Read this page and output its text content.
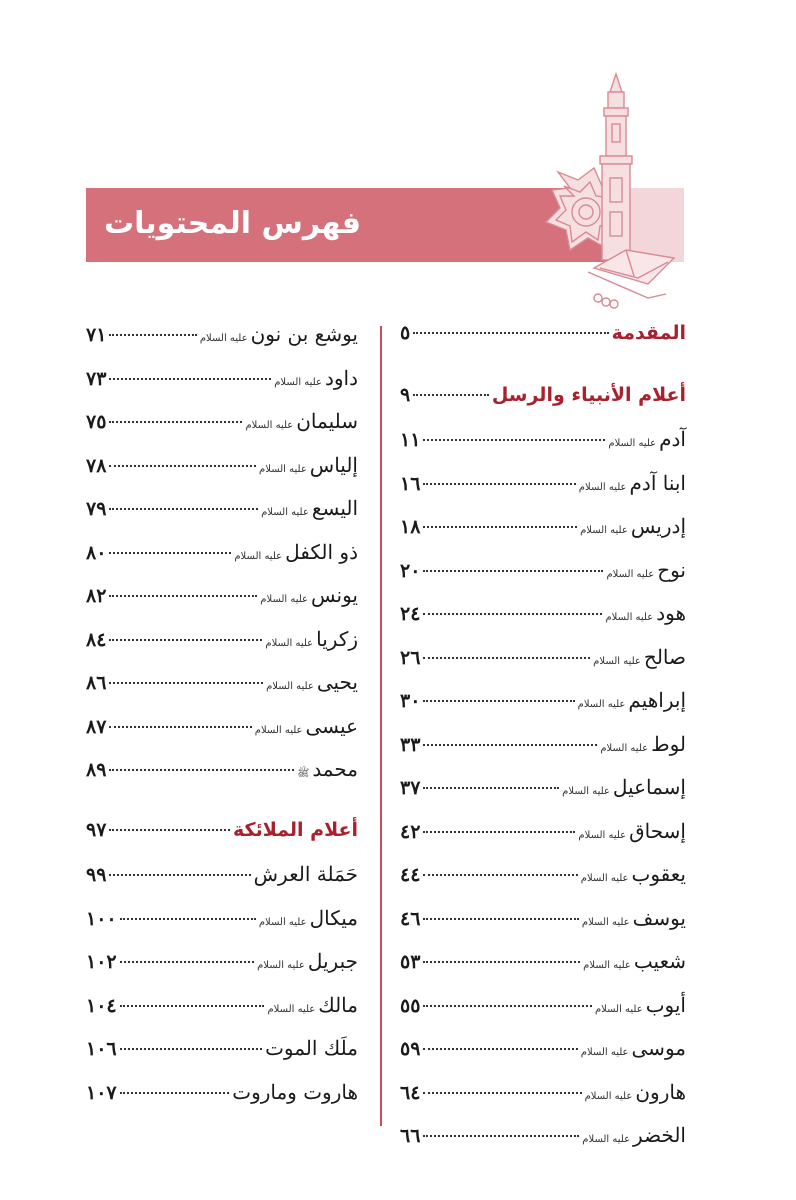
فهرس المحتويات
المقدمة
٥
أعلام الأنبياء والرسل
٩
آدم
عليه السلام
١١
ابنا آدم
عليه السلام
١٦
إدريس
عليه السلام
١٨
نوح
عليه السلام
٢٠
هود
عليه السلام
٢٤
صالح
عليه السلام
٢٦
إبراهيم
عليه السلام
٣٠
لوط
عليه السلام
٣٣
إسماعيل
عليه السلام
٣٧
إسحاق
عليه السلام
٤٢
يعقوب
عليه السلام
٤٤
يوسف
عليه السلام
٤٦
شعيب
عليه السلام
٥٣
أيوب
عليه السلام
٥٥
موسى
عليه السلام
٥٩
هارون
عليه السلام
٦٤
الخضر
عليه السلام
٦٦
يوشع بن نون
عليه السلام
٧١
داود
عليه السلام
٧٣
سليمان
عليه السلام
٧٥
إلياس
عليه السلام
٧٨
اليسع
عليه السلام
٧٩
ذو الكفل
عليه السلام
٨٠
يونس
عليه السلام
٨٢
زكريا
عليه السلام
٨٤
يحيى
عليه السلام
٨٦
عيسى
عليه السلام
٨٧
محمد
ﷺ
٨٩
أعلام الملائكة
٩٧
حَمَلة العرش
٩٩
ميكال
عليه السلام
١٠٠
جبريل
عليه السلام
١٠٢
مالك
عليه السلام
١٠٤
ملَك الموت
١٠٦
هاروت وماروت
١٠٧
